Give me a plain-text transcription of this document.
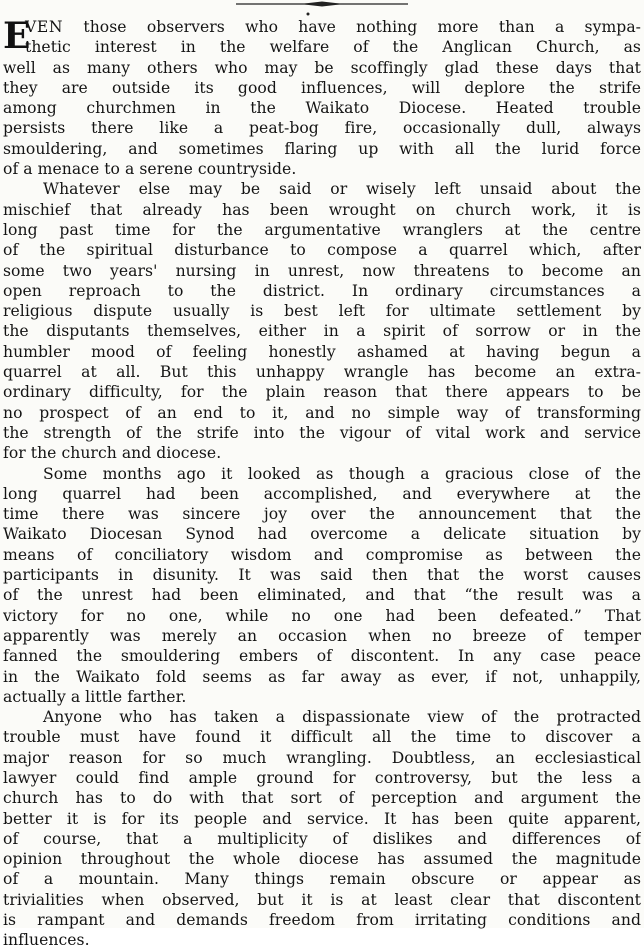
E
VEN those observers who have nothing more than a sympa-
thetic interest in the welfare of the Anglican Church, as
well as many others who may be scoffingly glad these days that
they are outside its good influences, will deplore the strife
among churchmen in the Waikato Diocese. Heated trouble
persists there like a peat-bog fire, occasionally dull, always
smouldering, and sometimes flaring up with all the lurid force
of a menace to a serene countryside.
Whatever else may be said or wisely left unsaid about the
mischief that already has been wrought on church work, it is
long past time for the argumentative wranglers at the centre
of the spiritual disturbance to compose a quarrel which, after
some two years' nursing in unrest, now threatens to become an
open reproach to the district. In ordinary circumstances a
religious dispute usually is best left for ultimate settlement by
the disputants themselves, either in a spirit of sorrow or in the
humbler mood of feeling honestly ashamed at having begun a
quarrel at all. But this unhappy wrangle has become an extra-
ordinary difficulty, for the plain reason that there appears to be
no prospect of an end to it, and no simple way of transforming
the strength of the strife into the vigour of vital work and service
for the church and diocese.
Some months ago it looked as though a gracious close of the
long quarrel had been accomplished, and everywhere at the
time there was sincere joy over the announcement that the
Waikato Diocesan Synod had overcome a delicate situation by
means of conciliatory wisdom and compromise as between the
participants in disunity. It was said then that the worst causes
of the unrest had been eliminated, and that “the result was a
victory for no one, while no one had been defeated.” That
apparently was merely an occasion when no breeze of temper
fanned the smouldering embers of discontent. In any case peace
in the Waikato fold seems as far away as ever, if not, unhappily,
actually a little farther.
Anyone who has taken a dispassionate view of the protracted
trouble must have found it difficult all the time to discover a
major reason for so much wrangling. Doubtless, an ecclesiastical
lawyer could find ample ground for controversy, but the less a
church has to do with that sort of perception and argument the
better it is for its people and service. It has been quite apparent,
of course, that a multiplicity of dislikes and differences of
opinion throughout the whole diocese has assumed the magnitude
of a mountain. Many things remain obscure or appear as
trivialities when observed, but it is at least clear that discontent
is rampant and demands freedom from irritating conditions and
influences.
